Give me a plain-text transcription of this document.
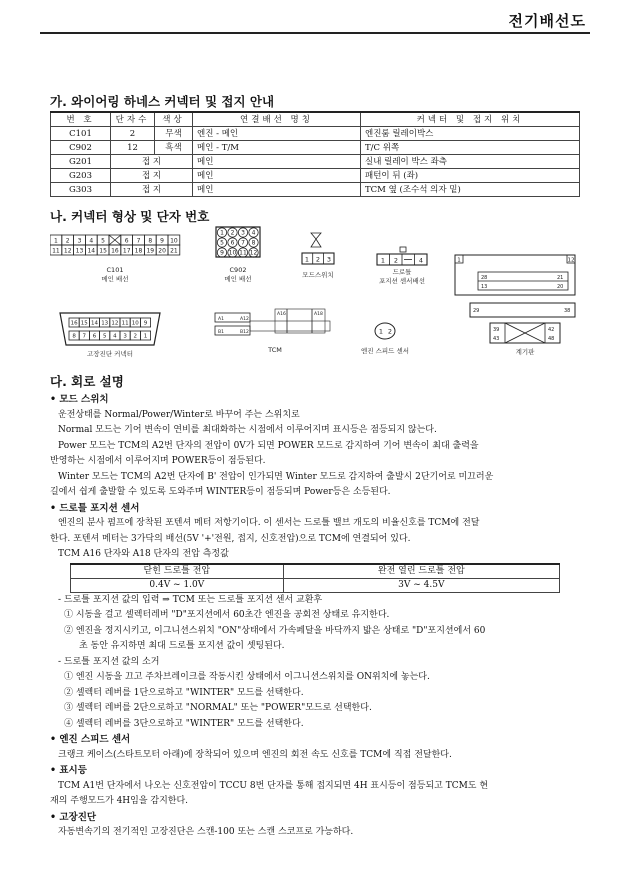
전기배선도
가. 와이어링 하네스 커넥터 및 접지 안내
번 호	단자수	색상	연결배선 명칭	커넥터 및 접지 위치
C101	2	무색	엔진 - 메인	엔진룸 릴레이박스
C902	12	흑색	메인 - T/M	T/C 위쪽
G201	접 지		메인	실내 릴레이 박스 좌측
G203	접 지		메인	패턴이 뒤 (좌)
G303	접 지		메인	TCM 옆 (조수석 의자 밑)
나. 커넥터 형상 및 단자 번호
1 2 3 4 5	6 7 8 9 10
11 12 13 14 15 16 17 18 19 20 21
C101
메인 배선
1 2 3 4
5 6 7 8
9 10 11 12
C902
메인 배선
1 2 3
모드스위치
1 2	4
드로틀
포지션 센서배선
1	12
28
13
21
20
16 15 14 13 12 11 10 9
8 7 6 5 4 3 2 1
고장진단 커넥터
A1	A12
B1	B12
A16	A18
TCM
1 2
엔진 스피드 센서
29	38
39	42
43	48
계기판
다. 회로 설명

• 모드 스위치

운전상태를 Normal/Power/Winter로 바꾸어 주는 스위치로

Normal 모드는 기어 변속이 연비를 최대화하는 시점에서 이루어지며 표시등은 점등되지 않는다.

Power 모드는 TCM의 A2번 단자의 전압이 0V가 되면 POWER 모드로 감지하여 기어 변속이 최대 출력을

반영하는 시점에서 이루어지며 POWER등이 점등된다.

Winter 모드는 TCM의 A2번 단자에 B' 전압이 인가되면 Winter 모드로 감지하여 출발시 2단기어로 미끄러운

길에서 쉽게 출발할 수 있도록 도와주며 WINTER등이 점등되며 Power등은 소등된다.

• 드로틀 포지션 센서

엔진의 분사 펌프에 장착된 포텐셔 메터 저항기이다. 이 센서는 드로틀 밸브 개도의 비율신호를 TCM에 전달

한다. 포텐셔 메터는 3가닥의 배선(5V '+'전원, 접지, 신호전압)으로 TCM에 연결되어 있다.

TCM A16 단자와 A18 단자의 전압 측정값

닫힌 드로틀 전압	완전 열린 드로틀 전압
0.4V ~ 1.0V	3V ~ 4.5V

- 드로틀 포지션 값의 입력 ⇒ TCM 또는 드로틀 포지션 센서 교환후

① 시동을 걸고 셀렉터레버 "D"포지션에서 60초간 엔진을 공회전 상태로 유지한다.

② 엔진을 정지시키고, 이그니션스위치 "ON"상태에서 가속페달을 바닥까지 밟은 상태로 "D"포지션에서 60

초 동안 유지하면 최대 드로틀 포지션 값이 셋팅된다.

- 드로틀 포지션 값의 소거

① 엔진 시동을 끄고 주차브레이크를 작동시킨 상태에서 이그니션스위치를 ON위치에 놓는다.

② 셀렉터 레버를 1단으로하고 "WINTER" 모드를 선택한다.

③ 셀렉터 레버를 2단으로하고 "NORMAL" 또는 "POWER"모드로 선택한다.

④ 셀렉터 레버를 3단으로하고 "WINTER" 모드를 선택한다.

• 엔진 스피드 센서

크랭크 케이스(스타트모터 아래)에 장착되어 있으며 엔진의 회전 속도 신호를 TCM에 직접 전달한다.

• 표시등

TCM A1번 단자에서 나오는 신호전압이 TCCU 8번 단자를 통해 접지되면 4H 표시등이 점등되고 TCM도 현

재의 주행모드가 4H임을 감지한다.

• 고장진단

자동변속기의 전기적인 고장진단은 스캔-100 또는 스캔 스코프로 가능하다.
